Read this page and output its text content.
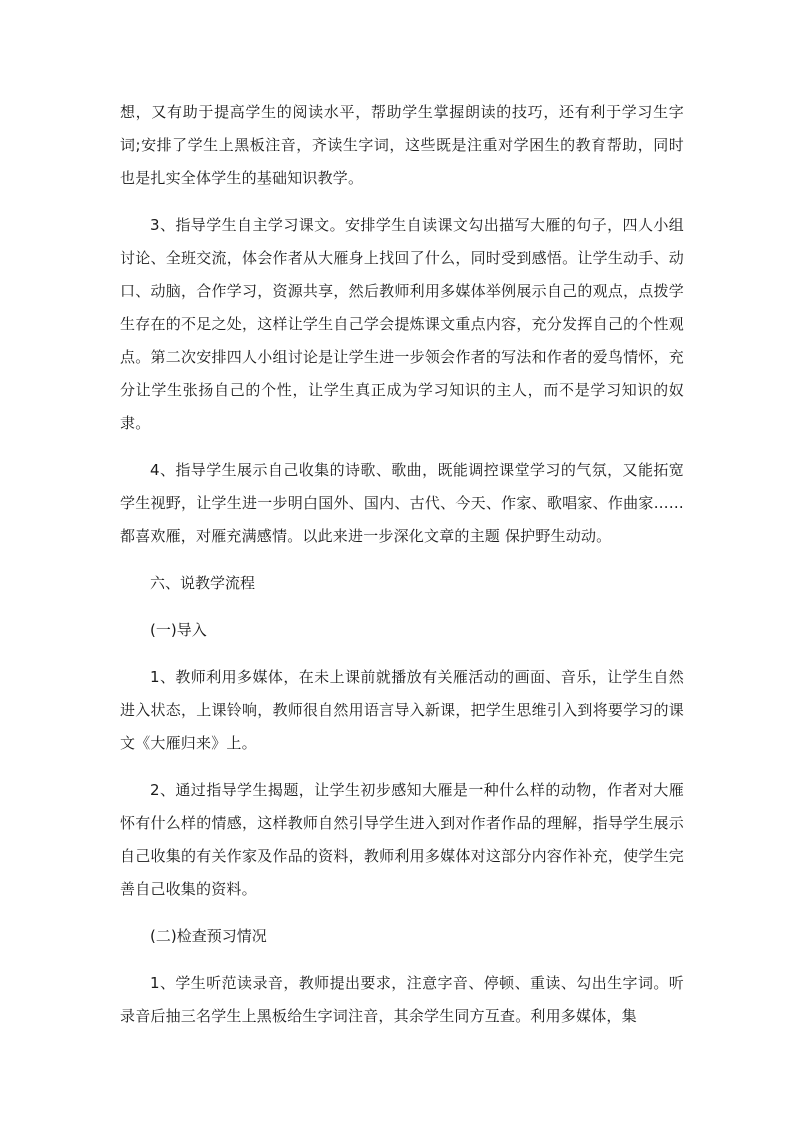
想，又有助于提高学生的阅读水平，帮助学生掌握朗读的技巧，还有利于学习生字词;安排了学生上黑板注音，齐读生字词，这些既是注重对学困生的教育帮助，同时也是扎实全体学生的基础知识教学。

3、指导学生自主学习课文。安排学生自读课文勾出描写大雁的句子，四人小组讨论、全班交流，体会作者从大雁身上找回了什么，同时受到感悟。让学生动手、动口、动脑，合作学习，资源共享，然后教师利用多媒体举例展示自己的观点，点拨学生存在的不足之处，这样让学生自己学会提炼课文重点内容，充分发挥自己的个性观点。第二次安排四人小组讨论是让学生进一步领会作者的写法和作者的爱鸟情怀，充分让学生张扬自己的个性，让学生真正成为学习知识的主人，而不是学习知识的奴隶。

4、指导学生展示自己收集的诗歌、歌曲，既能调控课堂学习的气氛，又能拓宽学生视野，让学生进一步明白国外、国内、古代、今天、作家、歌唱家、作曲家……都喜欢雁，对雁充满感情。以此来进一步深化文章的主题 保护野生动动。

六、说教学流程

(一)导入

1、教师利用多媒体，在未上课前就播放有关雁活动的画面、音乐，让学生自然进入状态，上课铃响，教师很自然用语言导入新课，把学生思维引入到将要学习的课文《大雁归来》上。

2、通过指导学生揭题，让学生初步感知大雁是一种什么样的动物，作者对大雁怀有什么样的情感，这样教师自然引导学生进入到对作者作品的理解，指导学生展示自己收集的有关作家及作品的资料，教师利用多媒体对这部分内容作补充，使学生完善自己收集的资料。

(二)检查预习情况

1、学生听范读录音，教师提出要求，注意字音、停顿、重读、勾出生字词。听录音后抽三名学生上黑板给生字词注音，其余学生同方互查。利用多媒体，集
